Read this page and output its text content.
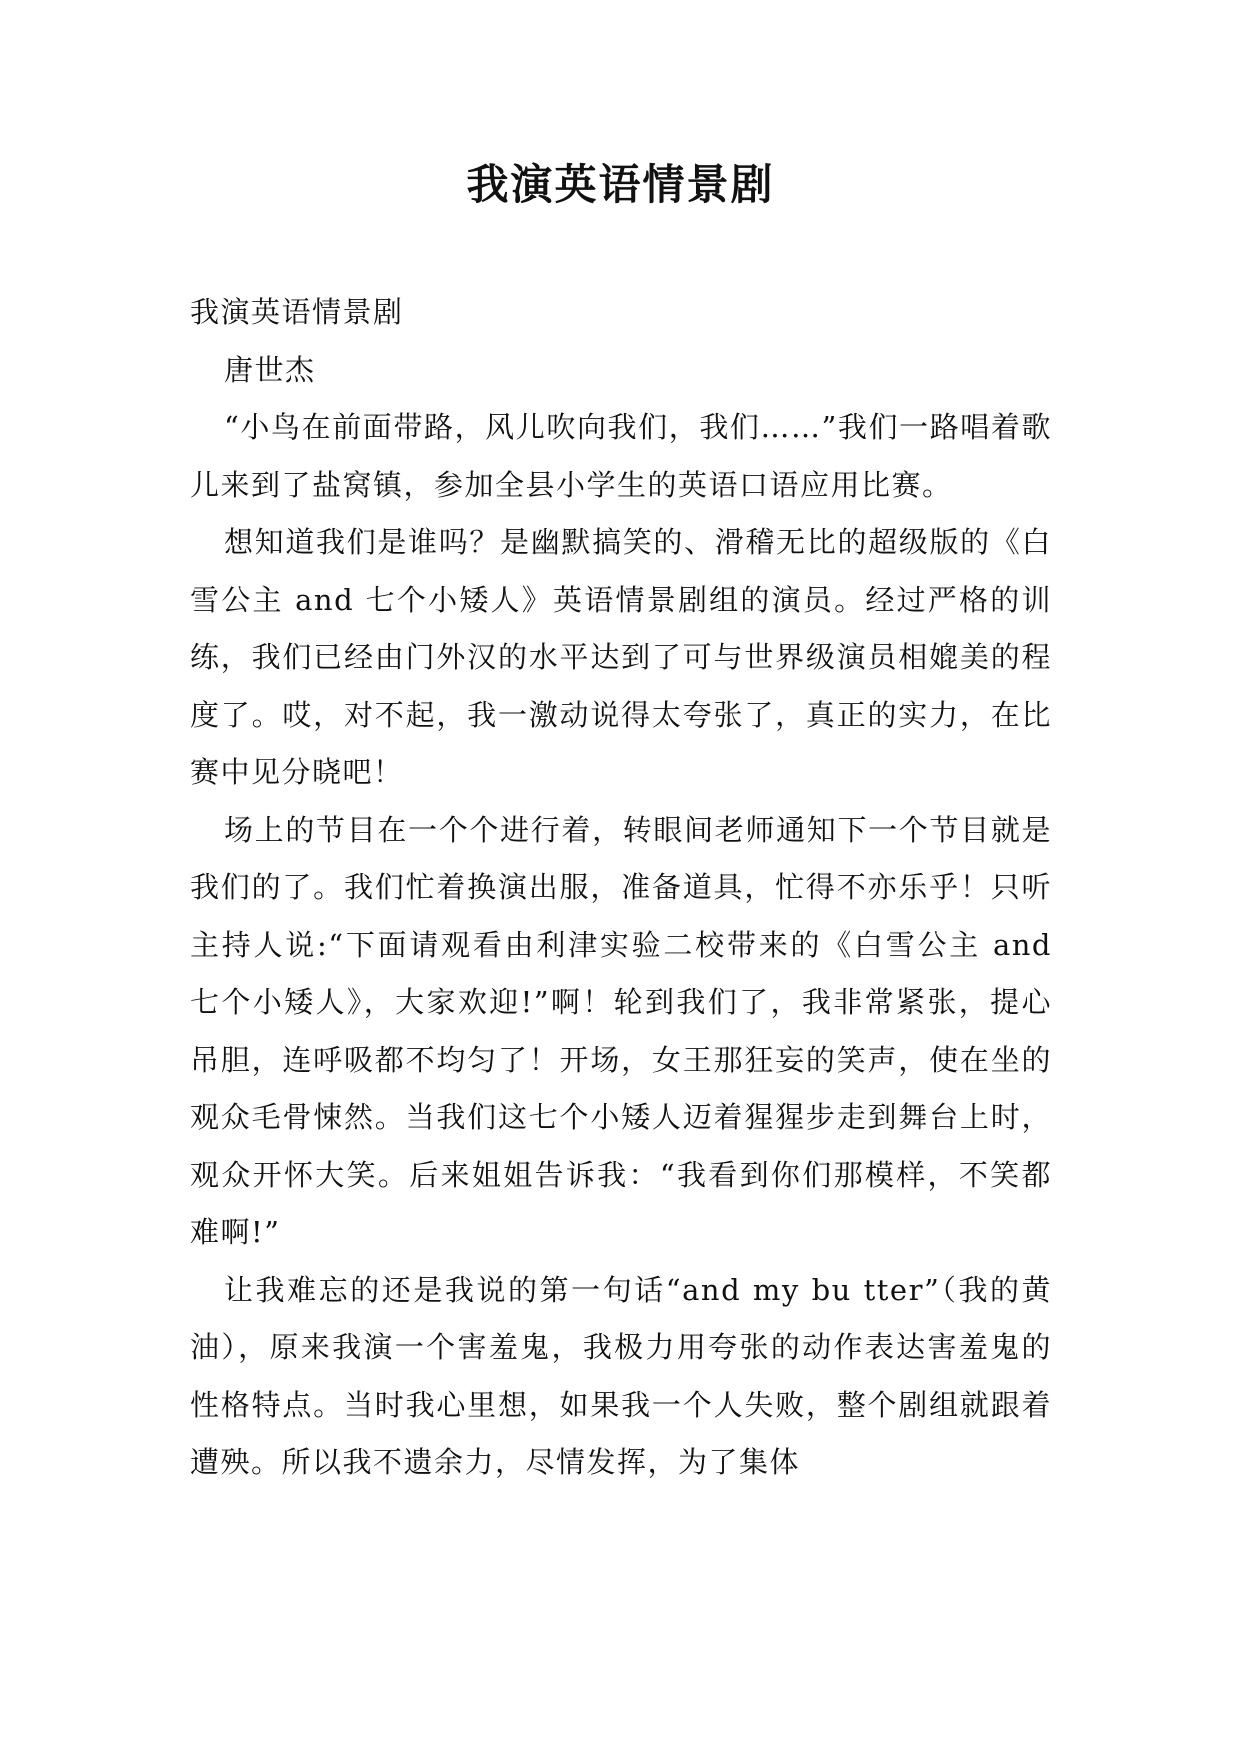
我演英语情景剧

我演英语情景剧

唐世杰

“小鸟在前面带路，风儿吹向我们，我们……”我们一路唱着歌儿来到了盐窝镇，参加全县小学生的英语口语应用比赛。

想知道我们是谁吗？是幽默搞笑的、滑稽无比的超级版的《白雪公主 and 七个小矮人》英语情景剧组的演员。经过严格的训练，我们已经由门外汉的水平达到了可与世界级演员相媲美的程度了。哎，对不起，我一激动说得太夸张了，真正的实力，在比赛中见分晓吧！

场上的节目在一个个进行着，转眼间老师通知下一个节目就是我们的了。我们忙着换演出服，准备道具，忙得不亦乐乎！只听主持人说:“下面请观看由利津实验二校带来的《白雪公主 and 七个小矮人》，大家欢迎!”啊！轮到我们了，我非常紧张，提心吊胆，连呼吸都不均匀了！开场，女王那狂妄的笑声，使在坐的观众毛骨悚然。当我们这七个小矮人迈着猩猩步走到舞台上时，观众开怀大笑。后来姐姐告诉我：“我看到你们那模样，不笑都难啊!”

让我难忘的还是我说的第一句话“and my bu tter”（我的黄油），原来我演一个害羞鬼，我极力用夸张的动作表达害羞鬼的性格特点。当时我心里想，如果我一个人失败，整个剧组就跟着遭殃。所以我不遗余力，尽情发挥，为了集体
